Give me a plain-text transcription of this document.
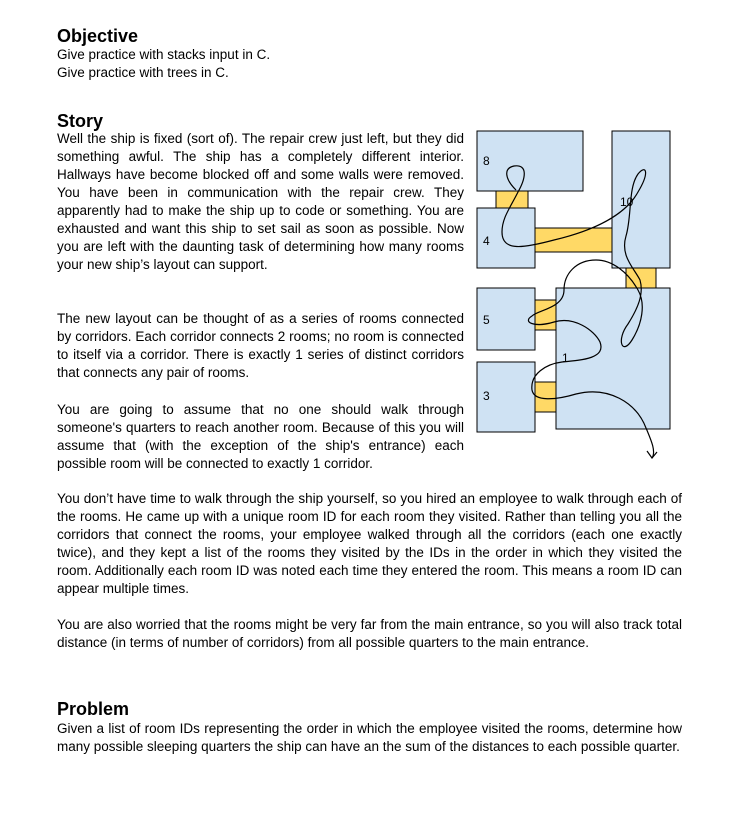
Objective

Give practice with stacks input in C.

Give practice with trees in C.

Story

Well the ship is fixed (sort of). The repair crew just left, but they did something awful. The ship has a completely different interior. Hallways have become blocked off and some walls were removed. You have been in communication with the repair crew. They apparently had to make the ship up to code or something. You are exhausted and want this ship to set sail as soon as possible. Now you are left with the daunting task of determining how many rooms your new ship’s layout can support.

The new layout can be thought of as a series of rooms connected by corridors. Each corridor connects 2 rooms; no room is connected to itself via a corridor. There is exactly 1 series of distinct corridors that connects any pair of rooms.

You are going to assume that no one should walk through someone's quarters to reach another room. Because of this you will assume that (with the exception of the ship's entrance) each possible room will be connected to exactly 1 corridor.

You don’t have time to walk through the ship yourself, so you hired an employee to walk through each of the rooms. He came up with a unique room ID for each room they visited. Rather than telling you all the corridors that connect the rooms, your employee walked through all the corridors (each one exactly twice), and they kept a list of the rooms they visited by the IDs in the order in which they visited the room. Additionally each room ID was noted each time they entered the room. This means a room ID can appear multiple times.

You are also worried that the rooms might be very far from the main entrance, so you will also track total distance (in terms of number of corridors) from all possible quarters to the main entrance.

Problem

Given a list of room IDs representing the order in which the employee visited the rooms, determine how many possible sleeping quarters the ship can have an the sum of the distances to each possible quarter.

8
4
10
5
1
3
